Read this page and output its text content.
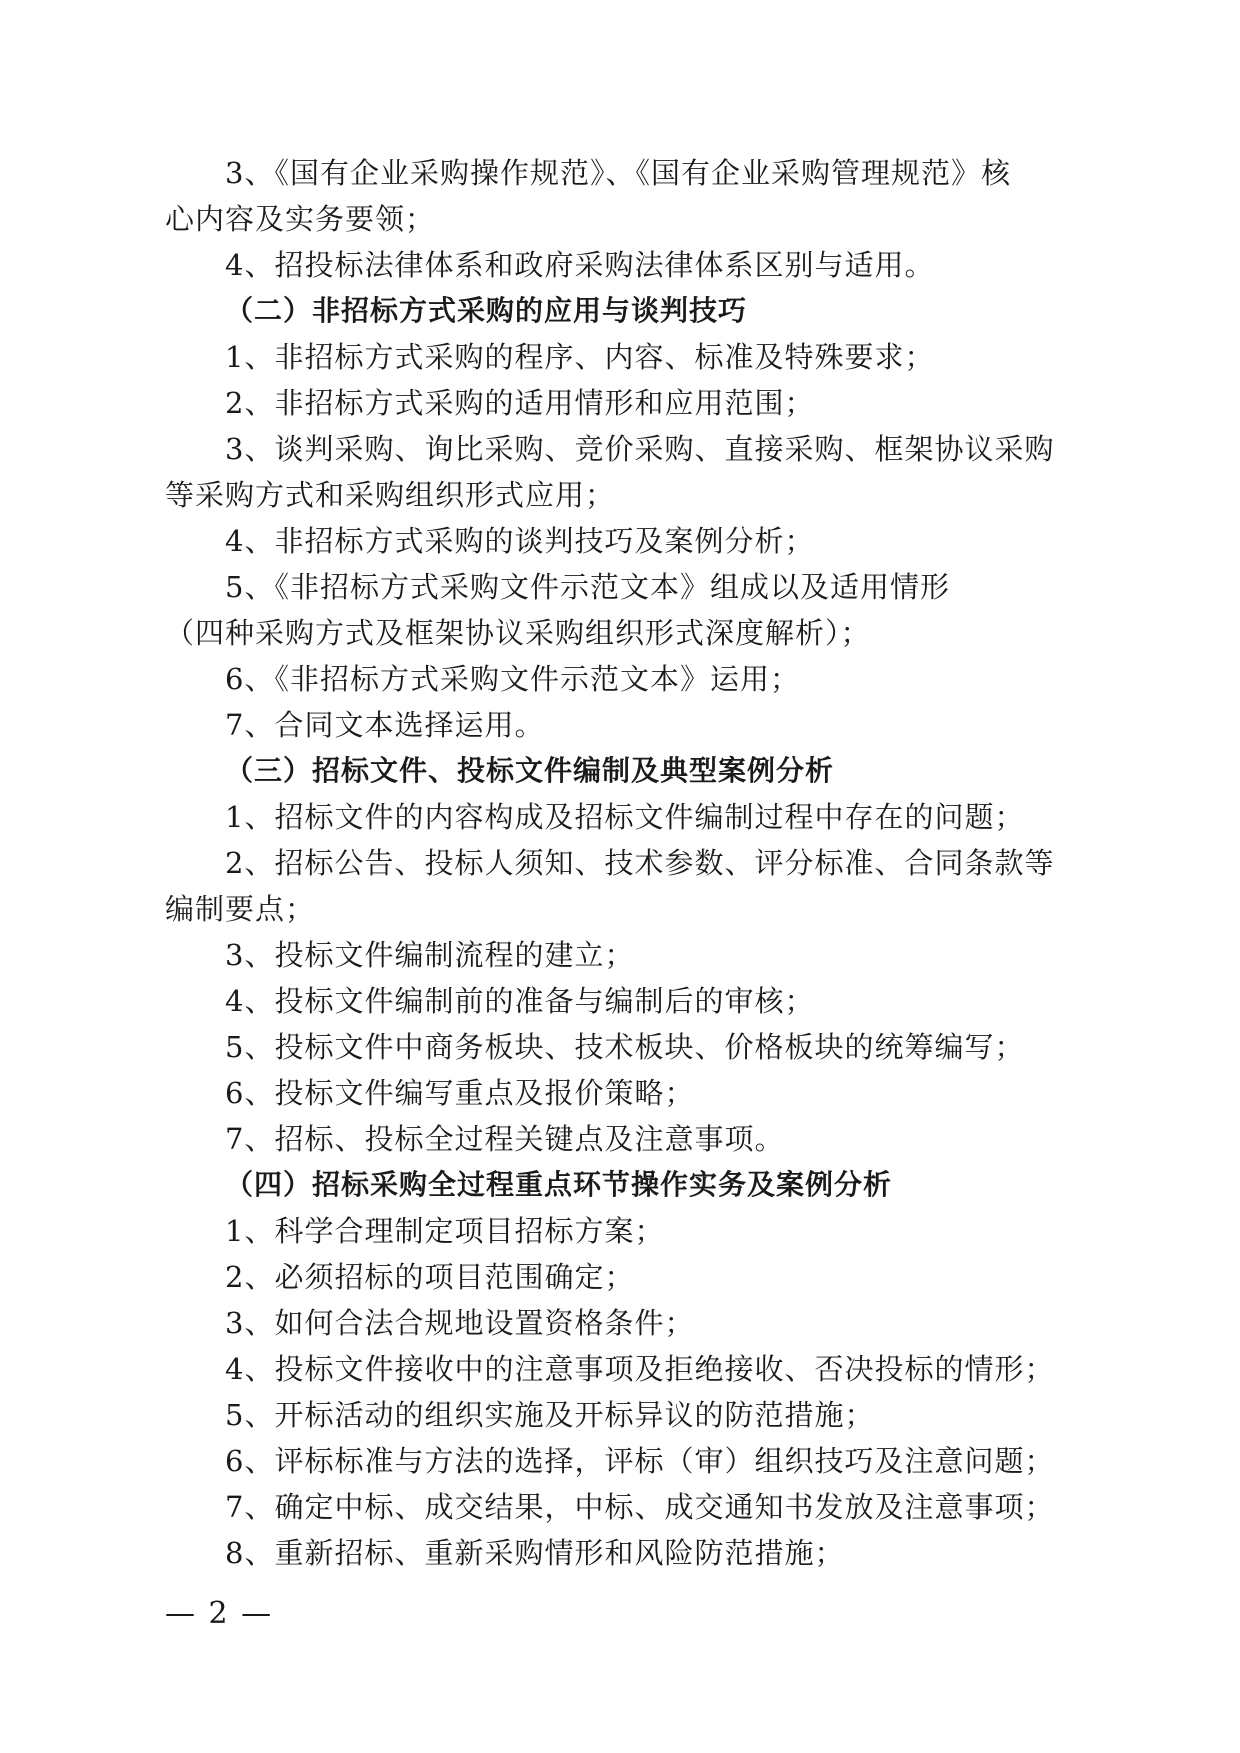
3、《国有企业采购操作规范》、《国有企业采购管理规范》核
心内容及实务要领；
4、招投标法律体系和政府采购法律体系区别与适用。
（二）非招标方式采购的应用与谈判技巧
1、非招标方式采购的程序、内容、标准及特殊要求；
2、非招标方式采购的适用情形和应用范围；
3、谈判采购、询比采购、竞价采购、直接采购、框架协议采购
等采购方式和采购组织形式应用；
4、非招标方式采购的谈判技巧及案例分析；
5、《非招标方式采购文件示范文本》组成以及适用情形
（四种采购方式及框架协议采购组织形式深度解析）；
6、《非招标方式采购文件示范文本》运用；
7、合同文本选择运用。
（三）招标文件、投标文件编制及典型案例分析
1、招标文件的内容构成及招标文件编制过程中存在的问题；
2、招标公告、投标人须知、技术参数、评分标准、合同条款等
编制要点；
3、投标文件编制流程的建立；
4、投标文件编制前的准备与编制后的审核；
5、投标文件中商务板块、技术板块、价格板块的统筹编写；
6、投标文件编写重点及报价策略；
7、招标、投标全过程关键点及注意事项。
（四）招标采购全过程重点环节操作实务及案例分析
1、科学合理制定项目招标方案；
2、必须招标的项目范围确定；
3、如何合法合规地设置资格条件；
4、投标文件接收中的注意事项及拒绝接收、否决投标的情形；
5、开标活动的组织实施及开标异议的防范措施；
6、评标标准与方法的选择，评标（审）组织技巧及注意问题；
7、确定中标、成交结果，中标、成交通知书发放及注意事项；
8、重新招标、重新采购情形和风险防范措施；
— 2 —
